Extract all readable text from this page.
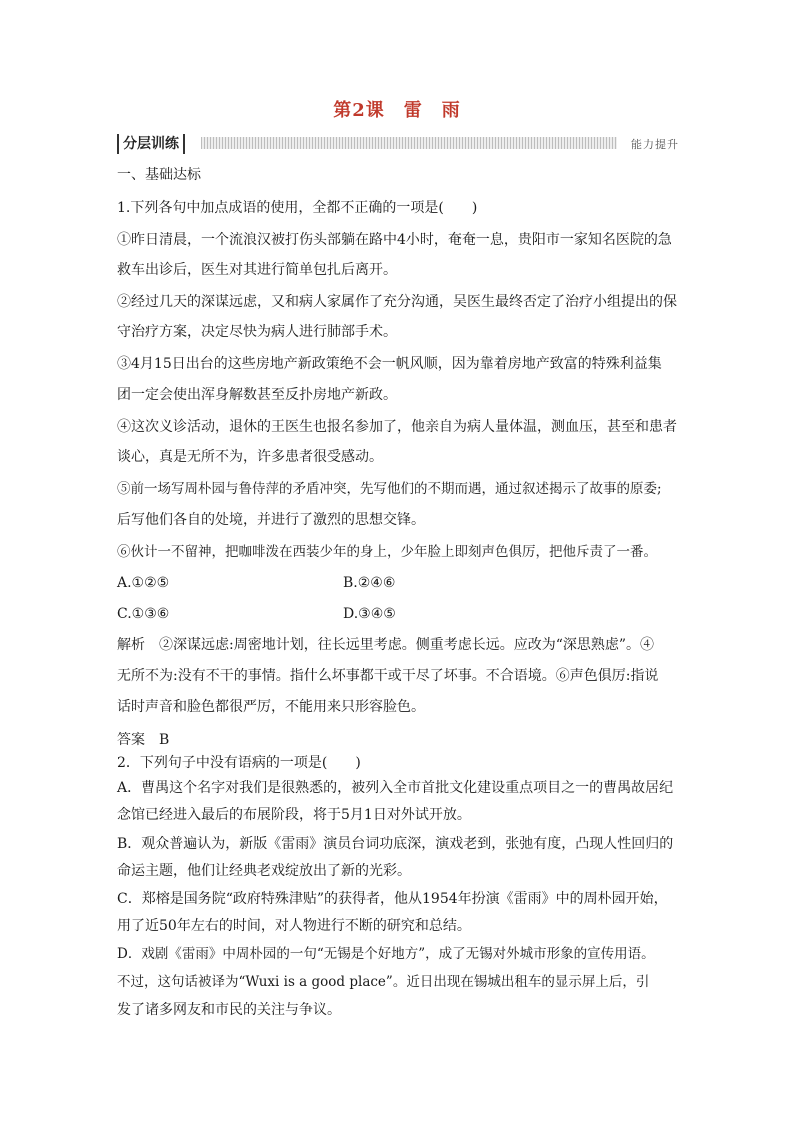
第2课　雷　雨
分层训练	能力提升
一、基础达标
1.下列各句中加点成语的使用，全都不正确的一项是(　　)
①昨日清晨，一个流浪汉被打伤头部躺在路中4小时，奄奄一息，贵阳市一家知名医院的急
救车出诊后，医生对其进行简单包扎后离开。
②经过几天的深谋远虑，又和病人家属作了充分沟通，吴医生最终否定了治疗小组提出的保
守治疗方案，决定尽快为病人进行肺部手术。
③4月15日出台的这些房地产新政策绝不会一帆风顺，因为靠着房地产致富的特殊利益集
团一定会使出浑身解数甚至反扑房地产新政。
④这次义诊活动，退休的王医生也报名参加了，他亲自为病人量体温，测血压，甚至和患者
谈心，真是无所不为，许多患者很受感动。
⑤前一场写周朴园与鲁侍萍的矛盾冲突，先写他们的不期而遇，通过叙述揭示了故事的原委;
后写他们各自的处境，并进行了激烈的思想交锋。
⑥伙计一不留神，把咖啡泼在西装少年的身上，少年脸上即刻声色俱厉，把他斥责了一番。
A.①②⑤	B.②④⑥
C.①③⑥	D.③④⑤
解析　②深谋远虑:周密地计划，往长远里考虑。侧重考虑长远。应改为“深思熟虑”。④
无所不为:没有不干的事情。指什么坏事都干或干尽了坏事。不合语境。⑥声色俱厉:指说
话时声音和脸色都很严厉，不能用来只形容脸色。
答案　B
2．下列句子中没有语病的一项是(　　)
A．曹禺这个名字对我们是很熟悉的，被列入全市首批文化建设重点项目之一的曹禺故居纪
念馆已经进入最后的布展阶段，将于5月1日对外试开放。
B．观众普遍认为，新版《雷雨》演员台词功底深，演戏老到，张弛有度，凸现人性回归的
命运主题，他们让经典老戏绽放出了新的光彩。
C．郑榕是国务院“政府特殊津贴”的获得者，他从1954年扮演《雷雨》中的周朴园开始，
用了近50年左右的时间，对人物进行不断的研究和总结。
D．戏剧《雷雨》中周朴园的一句“无锡是个好地方”，成了无锡对外城市形象的宣传用语。
不过，这句话被译为“Wuxi is a good place”。近日出现在锡城出租车的显示屏上后，引
发了诸多网友和市民的关注与争议。
